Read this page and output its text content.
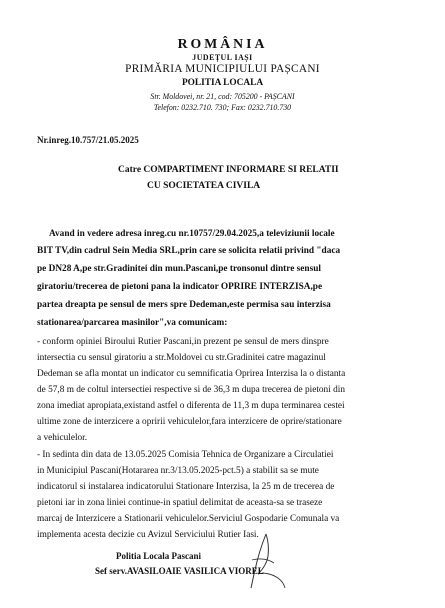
ROMÂNIA
JUDEȚUL IAȘI
PRIMĂRIA MUNICIPIULUI PAȘCANI
POLITIA LOCALA
Str. Moldovei, nr. 21, cod: 705200 - PAȘCANI
Telefon: 0232.710. 730; Fax: 0232.710.730
Nr.inreg.10.757/21.05.2025
Catre COMPARTIMENT INFORMARE SI RELATII
CU SOCIETATEA CIVILA
Avand in vedere adresa inreg.cu nr.10757/29.04.2025,a televiziunii locale
BIT TV,din cadrul Sein Media SRL,prin care se solicita relatii privind "daca
pe DN28 A,pe str.Gradinitei din mun.Pascani,pe tronsonul dintre sensul
giratoriu/trecerea de pietoni pana la indicator OPRIRE INTERZISA,pe
partea dreapta pe sensul de mers spre Dedeman,este permisa sau interzisa
stationarea/parcarea masinilor",va comunicam:
- conform opiniei Biroului Rutier Pascani,in prezent pe sensul de mers dinspre
intersectia cu sensul giratoriu a str.Moldovei cu str.Gradinitei catre magazinul
Dedeman se afla montat un indicator cu semnificatia Oprirea Interzisa la o distanta
de 57,8 m de coltul intersectiei respective si de 36,3 m dupa trecerea de pietoni din
zona imediat apropiata,existand astfel o diferenta de 11,3 m dupa terminarea cestei
ultime zone de interzicere a opririi vehiculelor,fara interzicere de oprire/stationare
a vehiculelor.
- In sedinta din data de 13.05.2025 Comisia Tehnica de Organizare a Circulatiei
in Municipiul Pascani(Hotararea nr.3/13.05.2025-pct.5) a stabilit sa se mute
indicatorul si instalarea indicatorului Stationare Interzisa, la 25 m de trecerea de
pietoni iar in zona liniei continue-in spatiul delimitat de aceasta-sa se traseze
marcaj de Interzicere a Stationarii vehiculelor.Serviciul Gospodarie Comunala va
implementa acesta decizie cu Avizul Serviciului Rutier Iasi.
Politia Locala Pascani
Sef serv.AVASILOAIE VASILICA VIOREL
